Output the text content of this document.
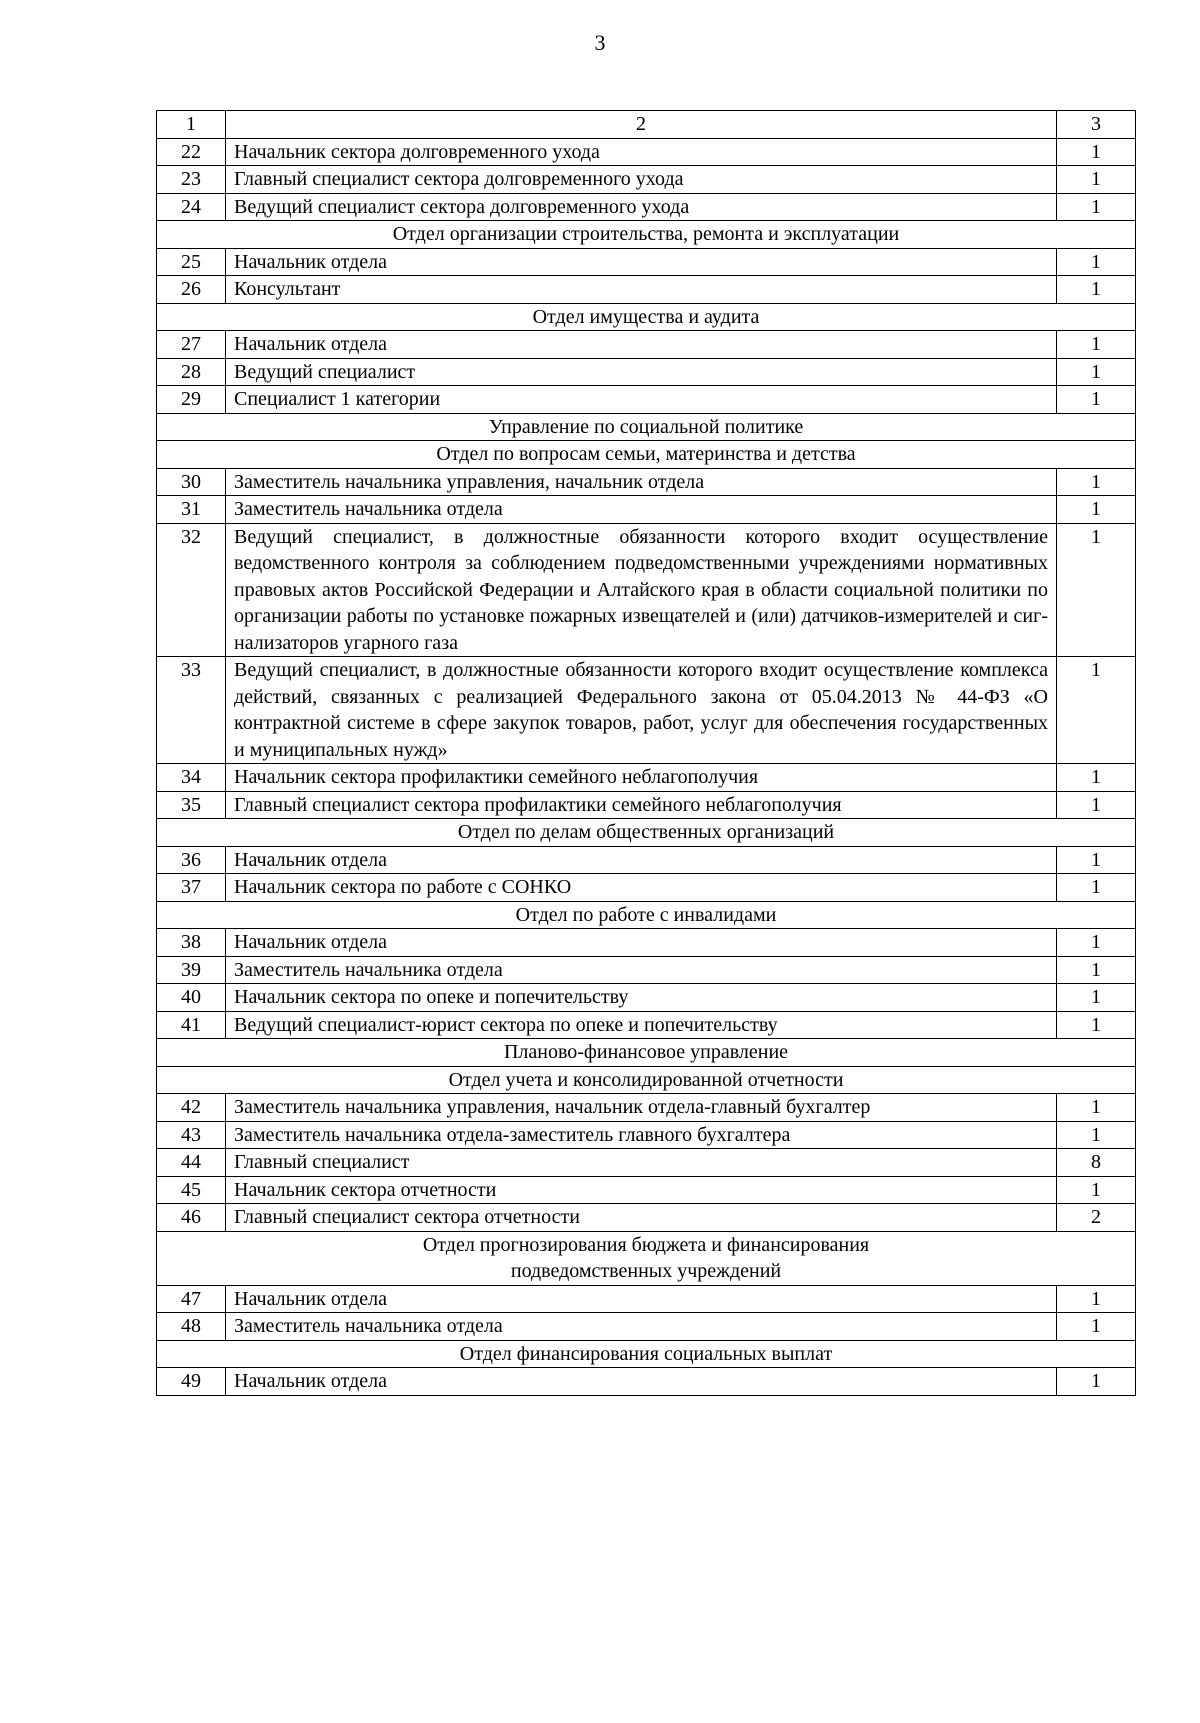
3
1	2	3
22	Начальник сектора долговременного ухода	1
23	Главный специалист сектора долговременного ухода	1
24	Ведущий специалист сектора долговременного ухода	1
Отдел организации строительства, ремонта и эксплуатации		
25	Начальник отдела	1
26	Консультант	1
Отдел имущества и аудита		
27	Начальник отдела	1
28	Ведущий специалист	1
29	Специалист 1 категории	1
Управление по социальной политике		
Отдел по вопросам семьи, материнства и детства		
30	Заместитель начальника управления, начальник отдела	1
31	Заместитель начальника отдела	1
32	Ведущий специалист, в должностные обязанности которого входит осуществление ведомственного контроля за соблюдением подведомственными учреждениями нормативных правовых актов Российской Федерации и Алтайского края в области социальной политики по организации работы по установке пожарных извещателей и (или) датчиков-измерителей и сигнализаторов угарного газа	1
33	Ведущий специалист, в должностные обязанности которого входит осуществление комплекса действий, связанных с реализацией Федерального закона от 05.04.2013 № 44-ФЗ «О контрактной системе в сфере закупок товаров, работ, услуг для обеспечения государственных и муниципальных нужд»	1
34	Начальник сектора профилактики семейного неблагополучия	1
35	Главный специалист сектора профилактики семейного неблагополучия	1
Отдел по делам общественных организаций		
36	Начальник отдела	1
37	Начальник сектора по работе с СОНКО	1
Отдел по работе с инвалидами		
38	Начальник отдела	1
39	Заместитель начальника отдела	1
40	Начальник сектора по опеке и попечительству	1
41	Ведущий специалист-юрист сектора по опеке и попечительству	1
Планово-финансовое управление		
Отдел учета и консолидированной отчетности		
42	Заместитель начальника управления, начальник отдела-главный бухгалтер	1
43	Заместитель начальника отдела-заместитель главного бухгалтера	1
44	Главный специалист	8
45	Начальник сектора отчетности	1
46	Главный специалист сектора отчетности	2
Отдел прогнозирования бюджета и финансирования
подведомственных учреждений		
47	Начальник отдела	1
48	Заместитель начальника отдела	1
Отдел финансирования социальных выплат		
49	Начальник отдела	1
